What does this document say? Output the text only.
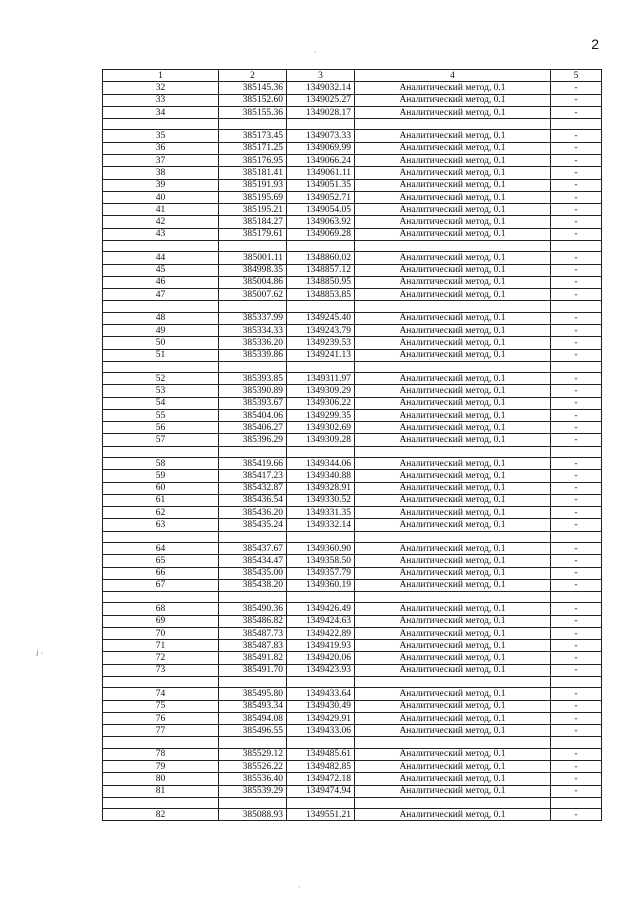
2
·
i ·
·
1	2	3	4	5
32	385145.36	1349032.14	Аналитический метод, 0.1	-
33	385152.60	1349025.27	Аналитический метод, 0.1	-
34	385155.36	1349028.17	Аналитический метод, 0.1	-

35	385173.45	1349073.33	Аналитический метод, 0.1	-
36	385171.25	1349069.99	Аналитический метод, 0.1	-
37	385176.95	1349066.24	Аналитический метод, 0.1	-
38	385181.41	1349061.11	Аналитический метод, 0.1	-
39	385191.93	1349051.35	Аналитический метод, 0.1	-
40	385195.69	1349052.71	Аналитический метод, 0.1	-
41	385195.21	1349054.05	Аналитический метод, 0.1	-
42	385184.27	1349063.92	Аналитический метод, 0.1	-
43	385179.61	1349069.28	Аналитический метод, 0.1	-

44	385001.11	1348860.02	Аналитический метод, 0.1	-
45	384998.35	1348857.12	Аналитический метод, 0.1	-
46	385004.86	1348850.95	Аналитический метод, 0.1	-
47	385007.62	1348853.85	Аналитический метод, 0.1	-

48	385337.99	1349245.40	Аналитический метод, 0.1	-
49	385334.33	1349243.79	Аналитический метод, 0.1	-
50	385336.20	1349239.53	Аналитический метод, 0.1	-
51	385339.86	1349241.13	Аналитический метод, 0.1	-

52	385393.85	1349311.97	Аналитический метод, 0.1	-
53	385390.89	1349309.29	Аналитический метод, 0.1	-
54	385393.67	1349306.22	Аналитический метод, 0.1	-
55	385404.06	1349299.35	Аналитический метод, 0.1	-
56	385406.27	1349302.69	Аналитический метод, 0.1	-
57	385396.29	1349309.28	Аналитический метод, 0.1	-

58	385419.66	1349344.06	Аналитический метод, 0.1	-
59	385417.23	1349340.88	Аналитический метод, 0.1	-
60	385432.87	1349328.91	Аналитический метод, 0.1	-
61	385436.54	1349330.52	Аналитический метод, 0.1	-
62	385436.20	1349331.35	Аналитический метод, 0.1	-
63	385435.24	1349332.14	Аналитический метод, 0.1	-

64	385437.67	1349360.90	Аналитический метод, 0.1	-
65	385434.47	1349358.50	Аналитический метод, 0.1	-
66	385435.00	1349357.79	Аналитический метод, 0.1	-
67	385438.20	1349360.19	Аналитический метод, 0.1	-

68	385490.36	1349426.49	Аналитический метод, 0.1	-
69	385486.82	1349424.63	Аналитический метод, 0.1	-
70	385487.73	1349422.89	Аналитический метод, 0.1	-
71	385487.83	1349419.93	Аналитический метод, 0.1	-
72	385491.82	1349420.06	Аналитический метод, 0.1	-
73	385491.70	1349423.93	Аналитический метод, 0.1	-

74	385495.80	1349433.64	Аналитический метод, 0.1	-
75	385493.34	1349430.49	Аналитический метод, 0.1	-
76	385494.08	1349429.91	Аналитический метод, 0.1	-
77	385496.55	1349433.06	Аналитический метод, 0.1	-

78	385529.12	1349485.61	Аналитический метод, 0.1	-
79	385526.22	1349482.85	Аналитический метод, 0.1	-
80	385536.40	1349472.18	Аналитический метод, 0.1	-
81	385539.29	1349474.94	Аналитический метод, 0.1	-

82	385088.93	1349551.21	Аналитический метод, 0.1	-
